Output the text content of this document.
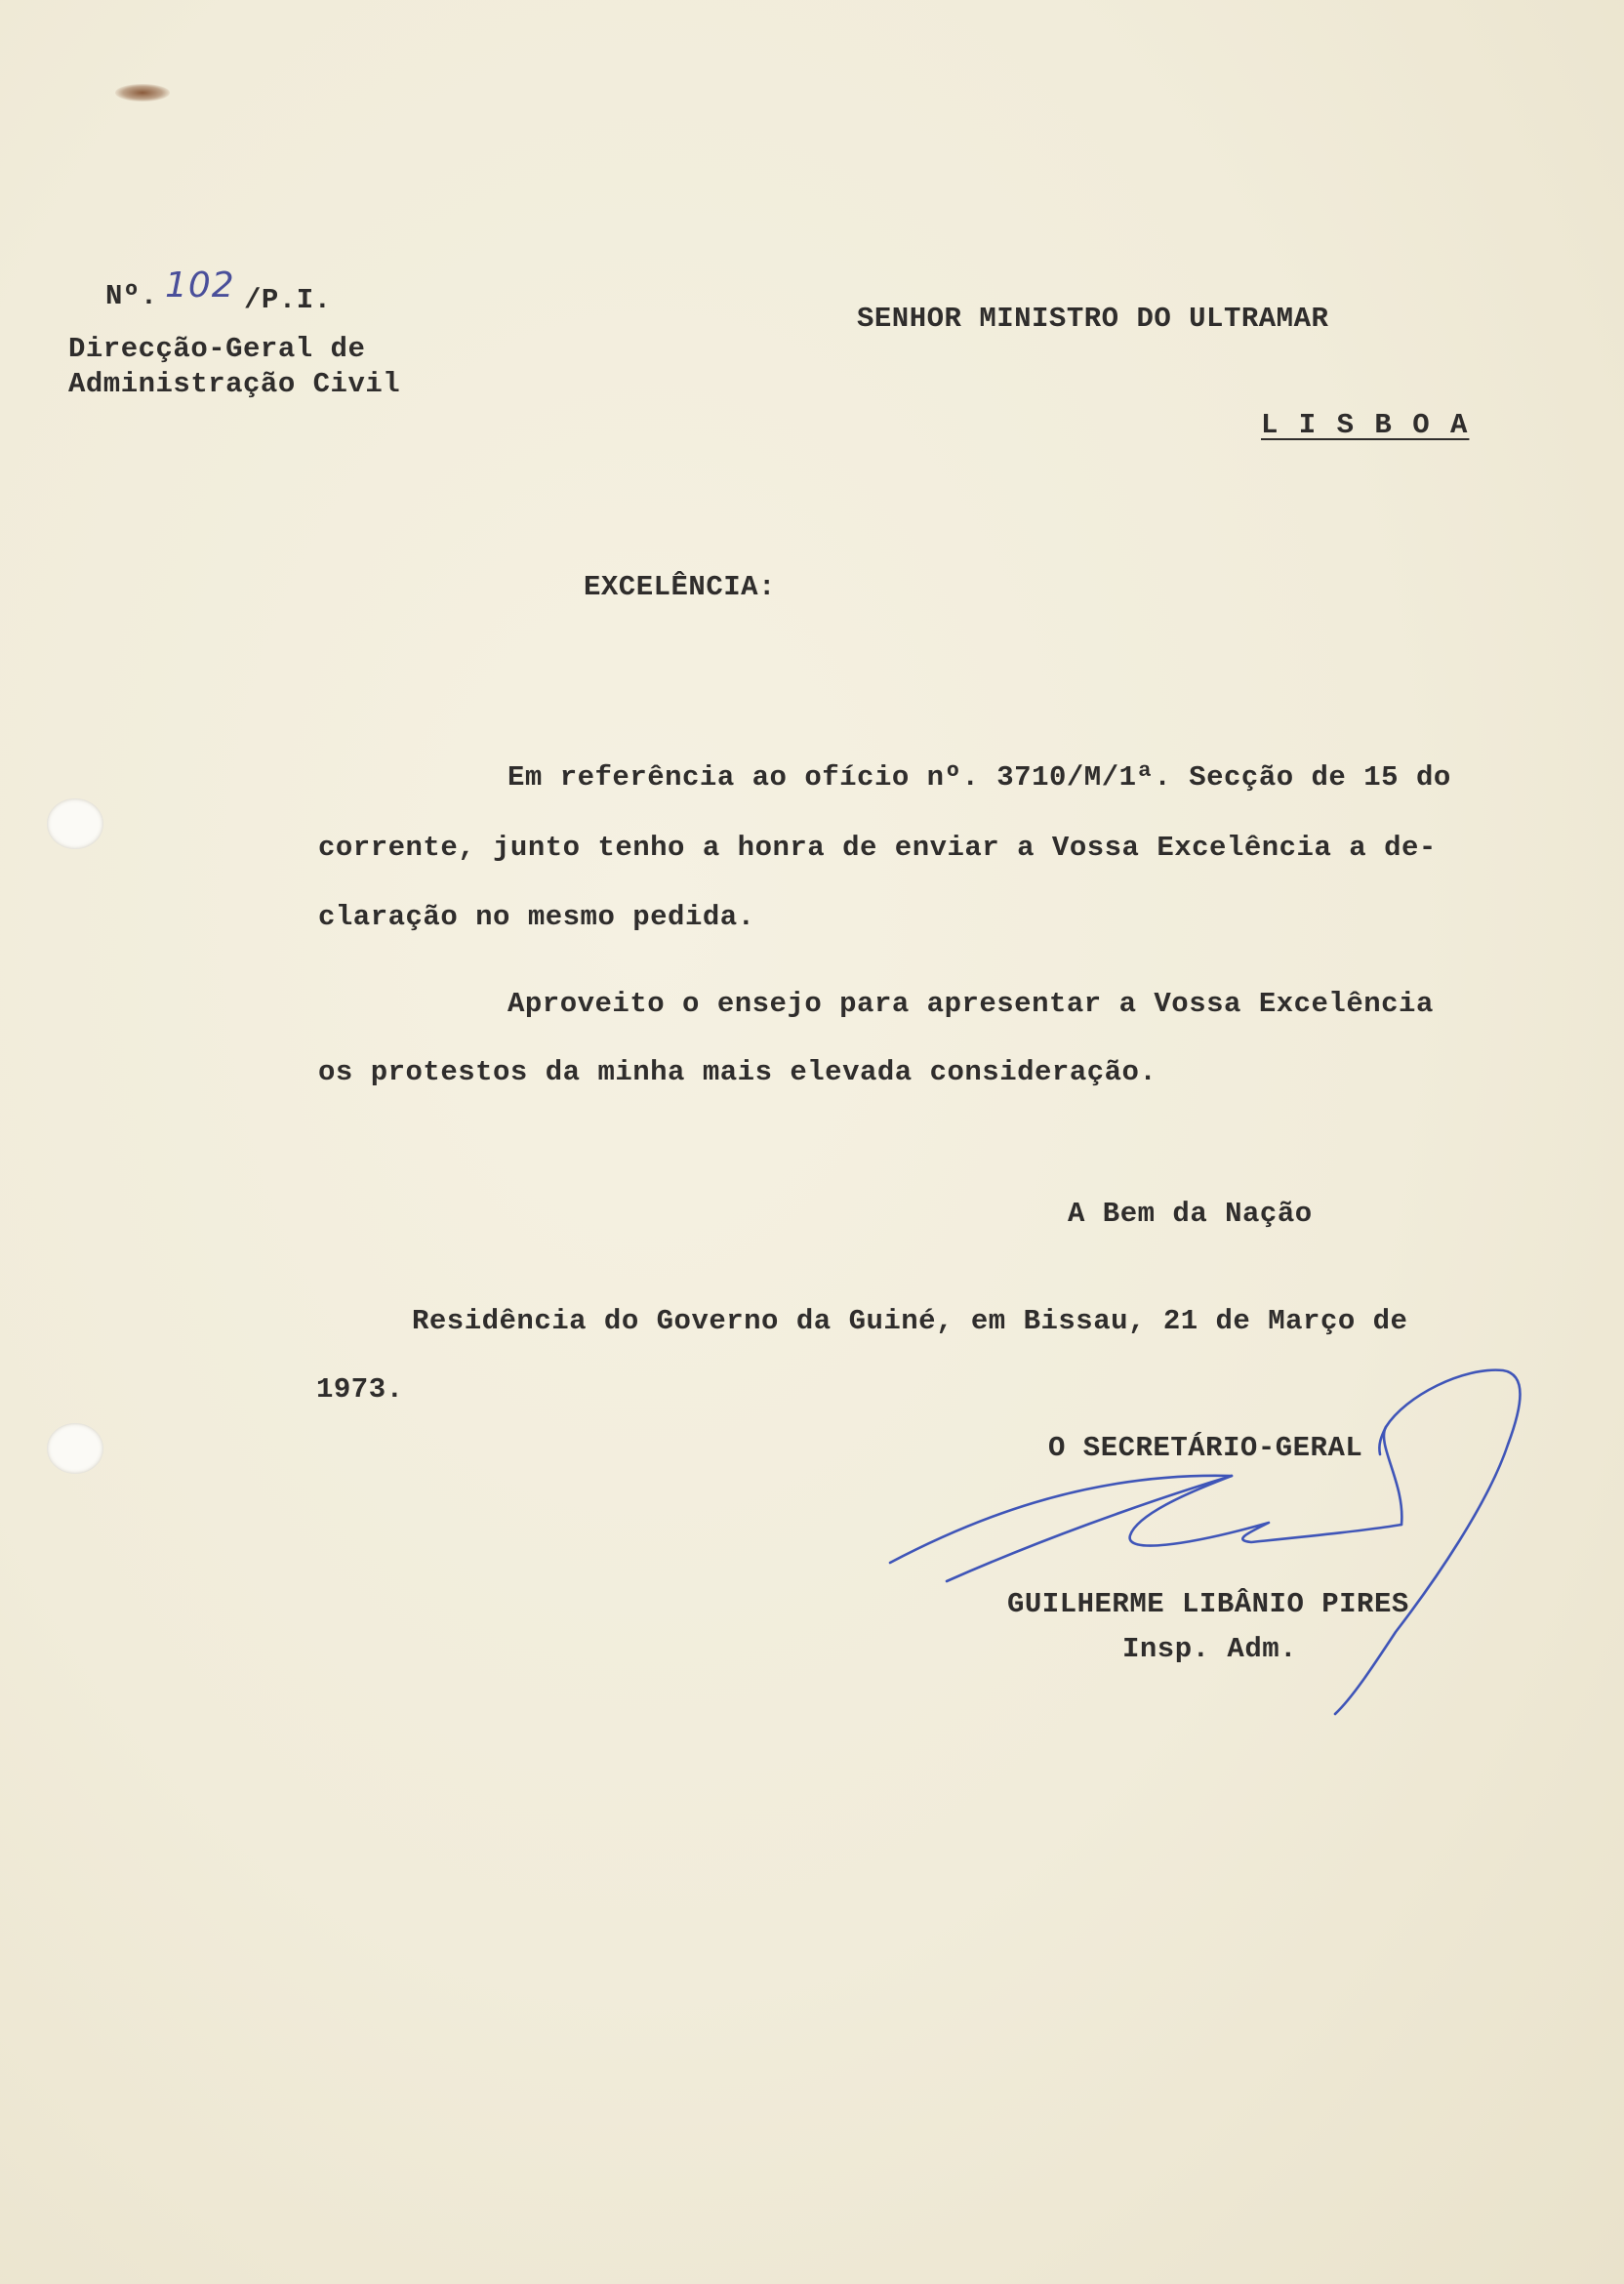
Nº. 102 /P.I.
Direcção-Geral de
Administração Civil
SENHOR MINISTRO DO ULTRAMAR
L I S B O A
EXCELÊNCIA:
Em referência ao ofício nº. 3710/M/1ª. Secção de 15 do
corrente, junto tenho a honra de enviar a Vossa Excelência a de-
claração no mesmo pedida.
Aproveito o ensejo para apresentar a Vossa Excelência
os protestos da minha mais elevada consideração.
A Bem da Nação
Residência do Governo da Guiné, em Bissau, 21 de Março de
1973.
O SECRETÁRIO-GERAL
GUILHERME LIBÂNIO PIRES
Insp. Adm.
